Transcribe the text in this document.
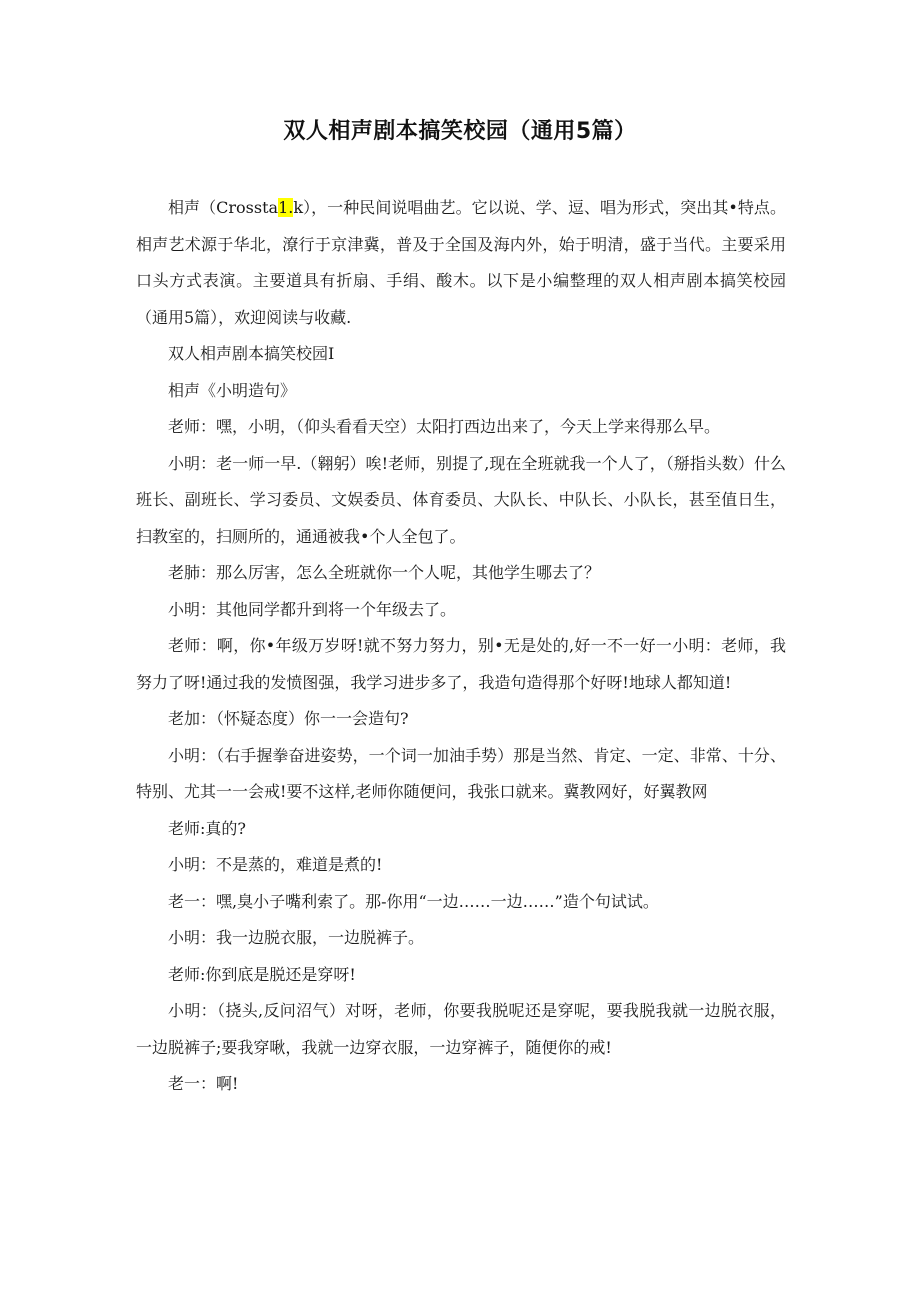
双人相声剧本搞笑校园（通用5篇）

相声（Crossta1.k），一种民间说唱曲艺。它以说、学、逗、唱为形式，突出其•特点。相声艺术源于华北，潦行于京津冀，普及于全国及海内外，始于明清，盛于当代。主要采用口头方式表演。主要道具有折扇、手绢、酸木。以下是小编整理的双人相声剧本搞笑校园（通用5篇），欢迎阅读与收藏.

双人相声剧本搞笑校园I

相声《小明造句》

老师：嘿，小明，（仰头看看天空）太阳打西边出来了，今天上学来得那么早。

小明：老一师一早.（翱躬）唉!老师，别提了,现在全班就我一个人了，（掰指头数）什么班长、副班长、学习委员、文娱委员、体育委员、大队长、中队长、小队长，甚至值日生，扫教室的，扫厕所的，通通被我•个人全包了。

老肺：那么厉害，怎么全班就你一个人呢，其他学生哪去了？

小明：其他同学都升到将一个年级去了。

老师：啊，你•年级万岁呀!就不努力努力，别•无是处的,好一不一好一小明：老师，我努力了呀!通过我的发愤图强，我学习进步多了，我造句造得那个好呀!地球人都知道!

老加：（怀疑态度）你一一会造句?

小明：（右手握拳奋进姿势，一个词一加油手势）那是当然、肯定、一定、非常、十分、特别、尤其一一会戒!要不这样,老师你随便问，我张口就来。冀教网好，好翼教网

老师:真的?

小明：不是蒸的，难道是煮的!

老一：嘿,臭小子嘴利索了。那-你用“一边……一边……”造个句试试。

小明：我一边脱衣服，一边脱裤子。

老师:你到底是脱还是穿呀!

小明：（挠头,反问沼气）对呀，老师，你要我脱呢还是穿呢，要我脱我就一边脱衣服，一边脱裤子;要我穿啾，我就一边穿衣服，一边穿裤子，随便你的戒!

老一：啊!
